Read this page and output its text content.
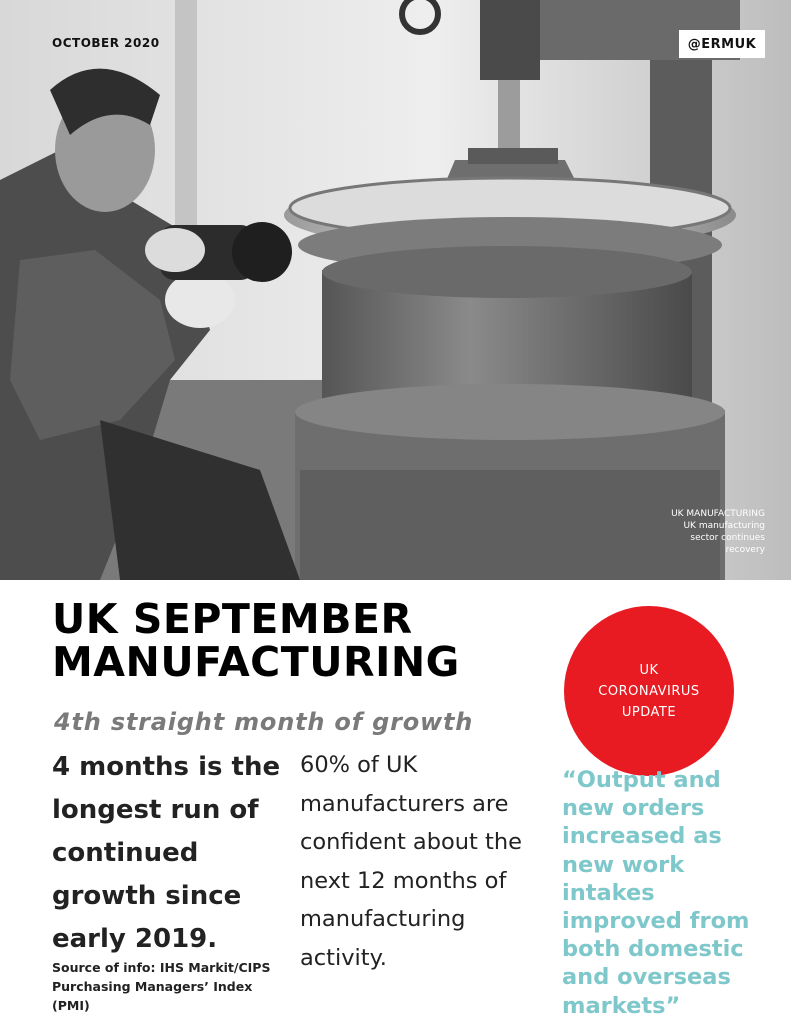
OCTOBER 2020	@ERMUK
UK MANUFACTURING
UK manufacturing sector continues recovery
UK SEPTEMBER
MANUFACTURING
4th straight month of growth
4 months is the longest run of continued growth since early 2019.
Source of info: IHS Markit/CIPS Purchasing Managers’ Index (PMI)
60% of UK manufacturers are confident about the next 12 months of manufacturing activity.
UK
CORONAVIRUS
UPDATE
“Output and new orders increased as new work intakes improved from both domestic and overseas markets”
